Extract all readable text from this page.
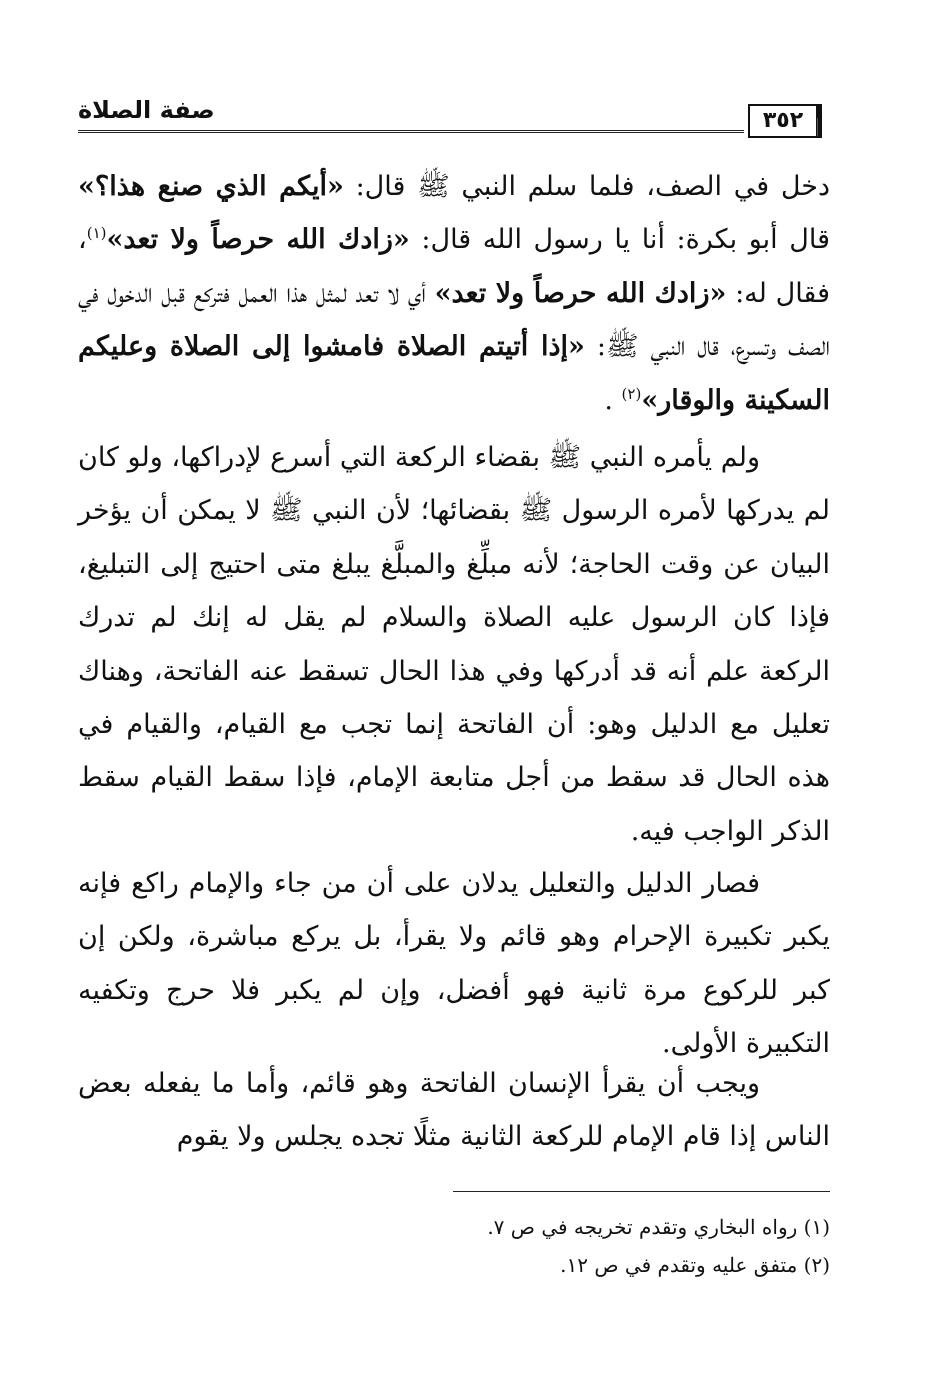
صفة الصلاة	٣٥٢

دخل في الصف، فلما سلم النبي ﷺ قال: «أيكم الذي صنع هذا؟» قال أبو بكرة: أنا يا رسول الله قال: «زادك الله حرصاً ولا تعد»$^{(١)}$، فقال له: «زادك الله حرصاً ولا تعد» أي لا تعد لمثل هذا العمل فتركع قبل الدخول في الصف وتسرع، قال النبي ﷺ: «إذا أتيتم الصلاة فامشوا إلى الصلاة وعليكم السكينة والوقار»$^{(٢)}$ .

ولم يأمره النبي ﷺ بقضاء الركعة التي أسرع لإدراكها، ولو كان لم يدركها لأمره الرسول ﷺ بقضائها؛ لأن النبي ﷺ لا يمكن أن يؤخر البيان عن وقت الحاجة؛ لأنه مبلِّغ والمبلَّغ يبلغ متى احتيج إلى التبليغ، فإذا كان الرسول عليه الصلاة والسلام لم يقل له إنك لم تدرك الركعة علم أنه قد أدركها وفي هذا الحال تسقط عنه الفاتحة، وهناك تعليل مع الدليل وهو: أن الفاتحة إنما تجب مع القيام، والقيام في هذه الحال قد سقط من أجل متابعة الإمام، فإذا سقط القيام سقط الذكر الواجب فيه.

فصار الدليل والتعليل يدلان على أن من جاء والإمام راكع فإنه يكبر تكبيرة الإحرام وهو قائم ولا يقرأ، بل يركع مباشرة، ولكن إن كبر للركوع مرة ثانية فهو أفضل، وإن لم يكبر فلا حرج وتكفيه التكبيرة الأولى.

ويجب أن يقرأ الإنسان الفاتحة وهو قائم، وأما ما يفعله بعض الناس إذا قام الإمام للركعة الثانية مثلًا تجده يجلس ولا يقوم

(١) رواه البخاري وتقدم تخريجه في ص ٧.
(٢) متفق عليه وتقدم في ص ١٢.
